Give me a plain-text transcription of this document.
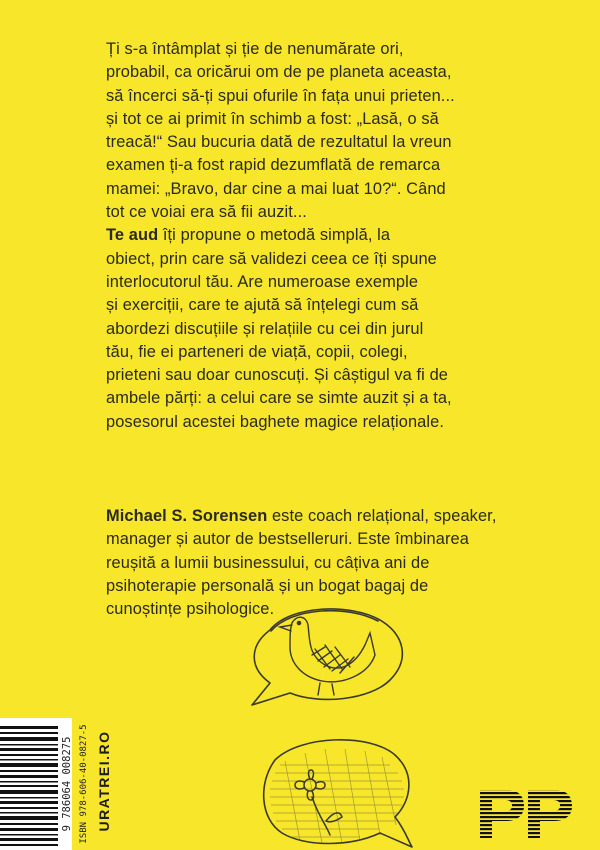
Ți s-a întâmplat și ție de nenumărate ori,
probabil, ca oricărui om de pe planeta aceasta,
să încerci să-ți spui ofurile în fața unui prieten...
și tot ce ai primit în schimb a fost: „Lasă, o să
treacă!“ Sau bucuria dată de rezultatul la vreun
examen ți-a fost rapid dezumflată de remarca
mamei: „Bravo, dar cine a mai luat 10?“. Când
tot ce voiai era să fii auzit...
Te aud îți propune o metodă simplă, la
obiect, prin care să validezi ceea ce îți spune
interlocutorul tău. Are numeroase exemple
și exerciții, care te ajută să înțelegi cum să
abordezi discuțiile și relațiile cu cei din jurul
tău, fie ei parteneri de viață, copii, colegi,
prieteni sau doar cunoscuți. Și câștigul va fi de
ambele părți: a celui care se simte auzit și a ta,
posesorul acestei baghete magice relaționale.
Michael S. Sorensen este coach relațional, speaker,
manager și autor de bestselleruri. Este îmbinarea
reușită a lumii businessului, cu câțiva ani de
psihoterapie personală și un bogat bagaj de
cunoștințe psihologice.
9 786064 008275 ISBN 978-606-40-0827-5 URATREI.RO
